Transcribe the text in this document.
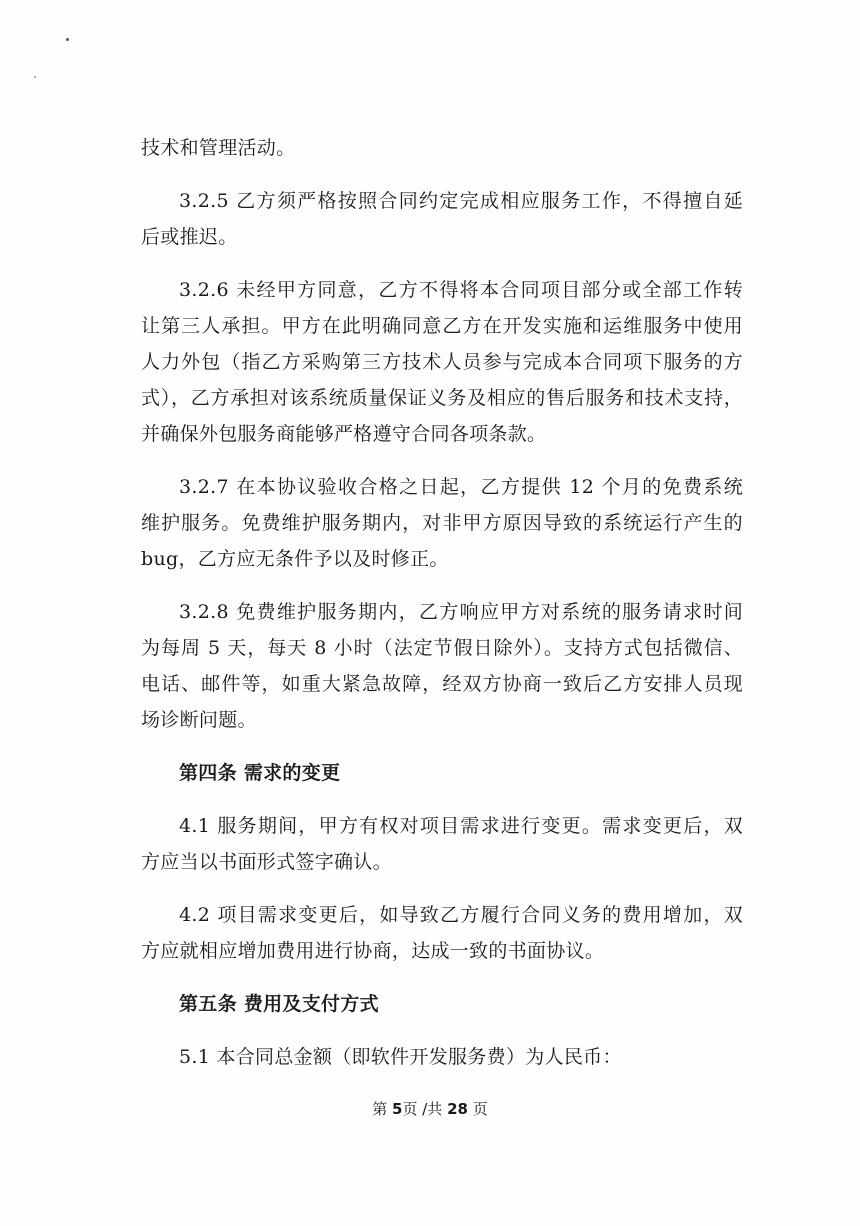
技术和管理活动。
3.2.5 乙方须严格按照合同约定完成相应服务工作，不得擅自延
后或推迟。
3.2.6 未经甲方同意，乙方不得将本合同项目部分或全部工作转
让第三人承担。甲方在此明确同意乙方在开发实施和运维服务中使用
人力外包（指乙方采购第三方技术人员参与完成本合同项下服务的方
式），乙方承担对该系统质量保证义务及相应的售后服务和技术支持，
并确保外包服务商能够严格遵守合同各项条款。
3.2.7 在本协议验收合格之日起，乙方提供 12 个月的免费系统
维护服务。免费维护服务期内，对非甲方原因导致的系统运行产生的
bug，乙方应无条件予以及时修正。
3.2.8 免费维护服务期内，乙方响应甲方对系统的服务请求时间
为每周 5 天，每天 8 小时（法定节假日除外）。支持方式包括微信、
电话、邮件等，如重大紧急故障，经双方协商一致后乙方安排人员现
场诊断问题。
第四条 需求的变更
4.1 服务期间，甲方有权对项目需求进行变更。需求变更后，双
方应当以书面形式签字确认。
4.2 项目需求变更后，如导致乙方履行合同义务的费用增加，双
方应就相应增加费用进行协商，达成一致的书面协议。
第五条 费用及支付方式
5.1 本合同总金额（即软件开发服务费）为人民币：
第 5页 /共 28 页
